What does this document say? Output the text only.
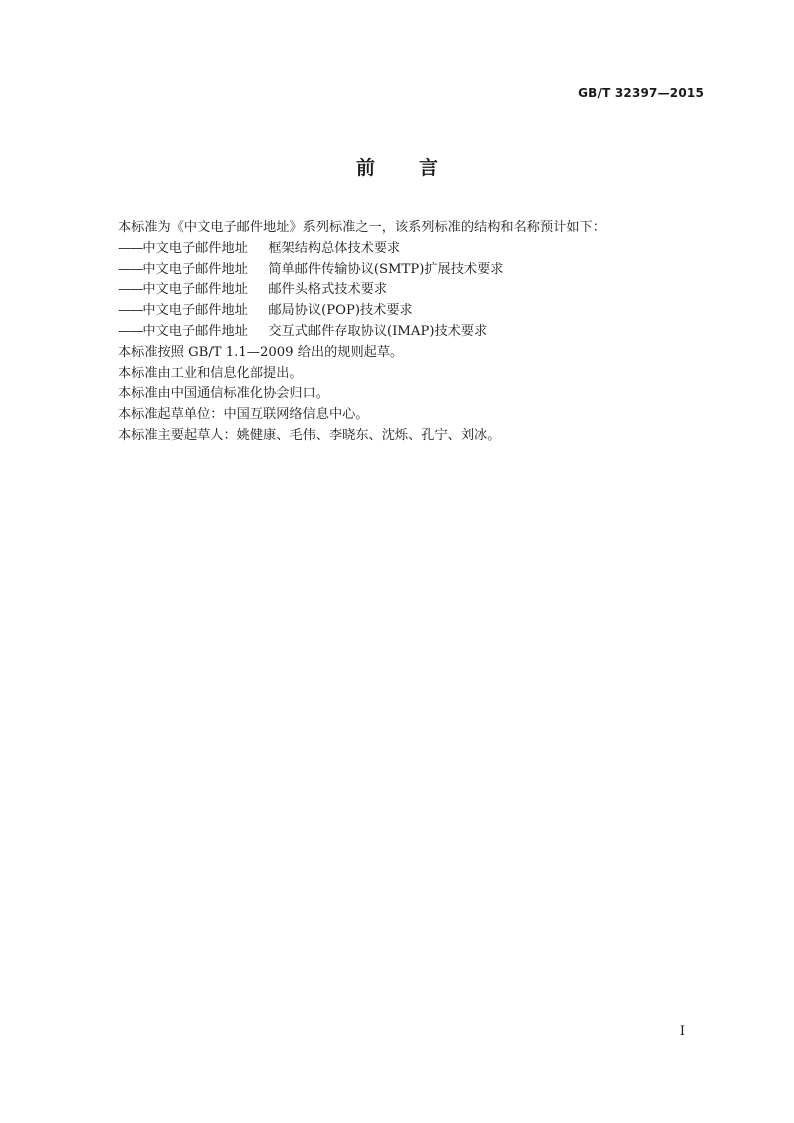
GB/T 32397—2015
前言
本标准为《中文电子邮件地址》系列标准之一，该系列标准的结构和名称预计如下：
——中文电子邮件地址 框架结构总体技术要求
——中文电子邮件地址 简单邮件传输协议(SMTP)扩展技术要求
——中文电子邮件地址 邮件头格式技术要求
——中文电子邮件地址 邮局协议(POP)技术要求
——中文电子邮件地址 交互式邮件存取协议(IMAP)技术要求
本标准按照 GB/T 1.1—2009 给出的规则起草。
本标准由工业和信息化部提出。
本标准由中国通信标准化协会归口。
本标准起草单位：中国互联网络信息中心。
本标准主要起草人：姚健康、毛伟、李晓东、沈烁、孔宁、刘冰。
I
